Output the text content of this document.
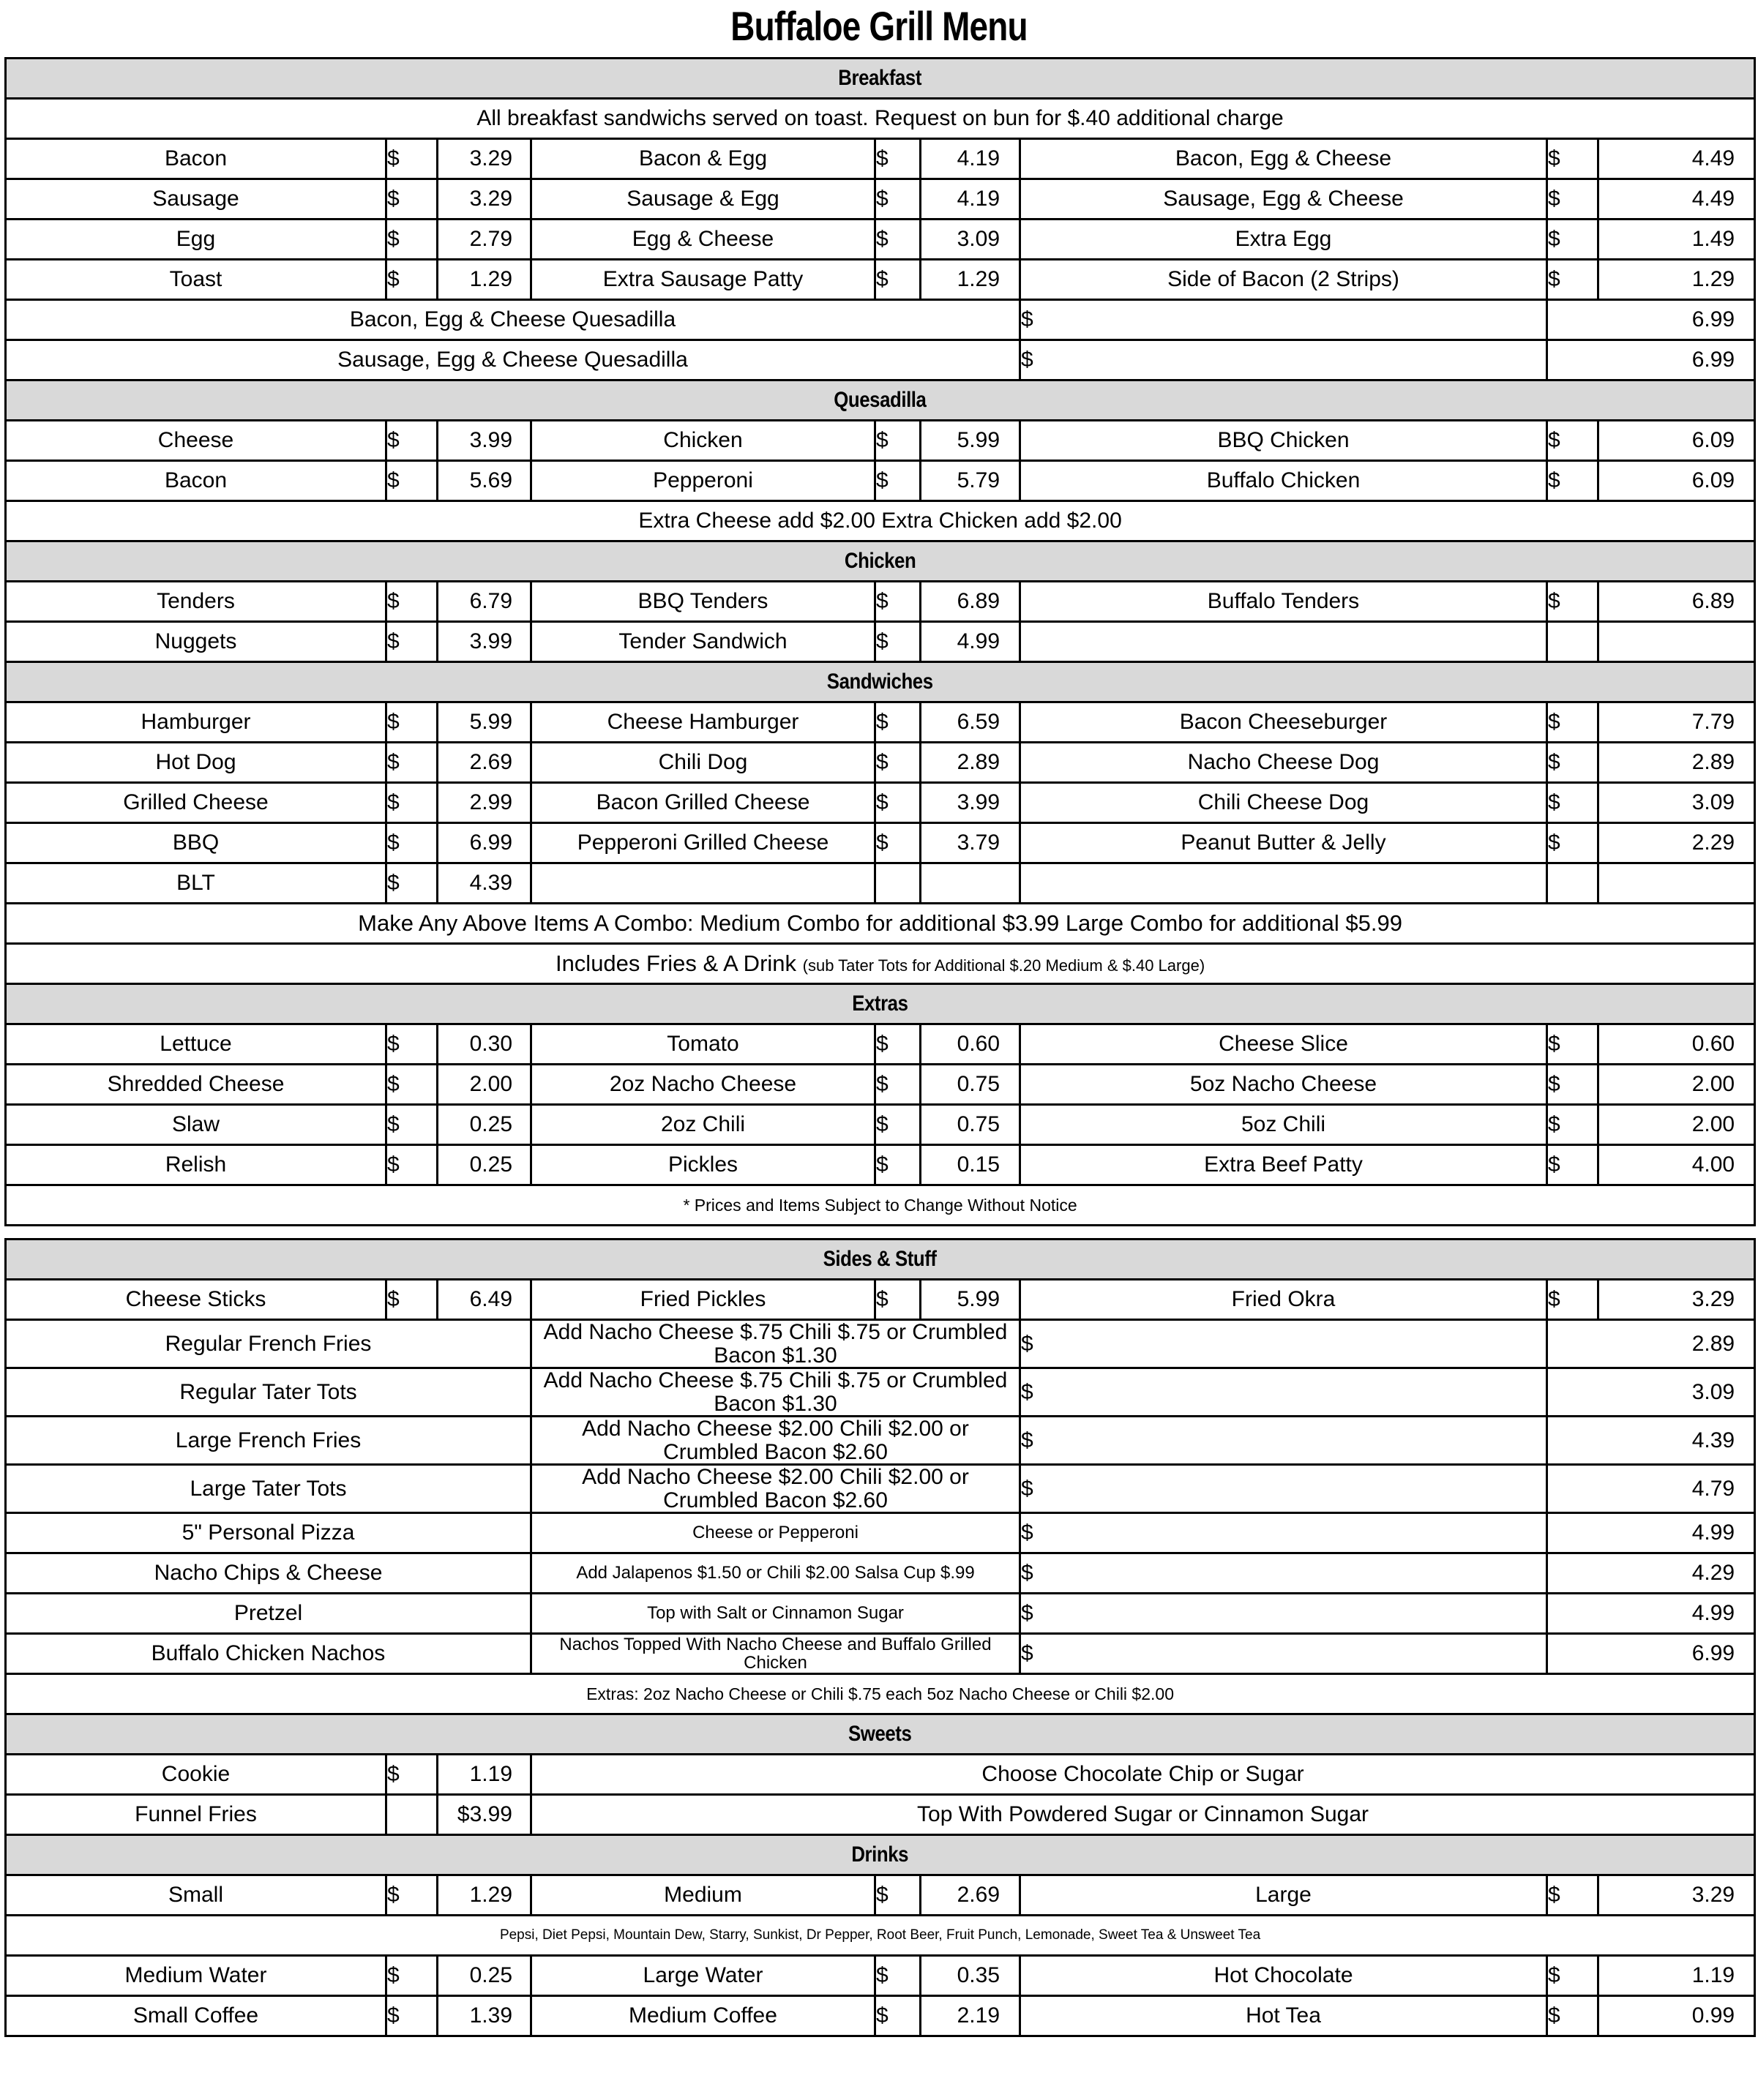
Buffaloe Grill Menu
Breakfast								
All breakfast sandwichs served on toast. Request on bun for $.40 additional charge								
Bacon	$	3.29	Bacon & Egg	$	4.19	Bacon, Egg & Cheese	$	4.49
Sausage	$	3.29	Sausage & Egg	$	4.19	Sausage, Egg & Cheese	$	4.49
Egg	$	2.79	Egg & Cheese	$	3.09	Extra Egg	$	1.49
Toast	$	1.29	Extra Sausage Patty	$	1.29	Side of Bacon (2 Strips)	$	1.29
Bacon, Egg & Cheese Quesadilla						$	6.99	
Sausage, Egg & Cheese Quesadilla						$	6.99	
Quesadilla								
Cheese	$	3.99	Chicken	$	5.99	BBQ Chicken	$	6.09
Bacon	$	5.69	Pepperoni	$	5.79	Buffalo Chicken	$	6.09
Extra Cheese add $2.00 Extra Chicken add $2.00								
Chicken								
Tenders	$	6.79	BBQ Tenders	$	6.89	Buffalo Tenders	$	6.89
Nuggets	$	3.99	Tender Sandwich	$	4.99			
Sandwiches								
Hamburger	$	5.99	Cheese Hamburger	$	6.59	Bacon Cheeseburger	$	7.79
Hot Dog	$	2.69	Chili Dog	$	2.89	Nacho Cheese Dog	$	2.89
Grilled Cheese	$	2.99	Bacon Grilled Cheese	$	3.99	Chili Cheese Dog	$	3.09
BBQ	$	6.99	Pepperoni Grilled Cheese	$	3.79	Peanut Butter & Jelly	$	2.29
BLT	$	4.39						
Make Any Above Items A Combo: Medium Combo for additional $3.99 Large Combo for additional $5.99								
Includes Fries & A Drink (sub Tater Tots for Additional $.20 Medium & $.40 Large)								
Extras								
Lettuce	$	0.30	Tomato	$	0.60	Cheese Slice	$	0.60
Shredded Cheese	$	2.00	2oz Nacho Cheese	$	0.75	5oz Nacho Cheese	$	2.00
Slaw	$	0.25	2oz Chili	$	0.75	5oz Chili	$	2.00
Relish	$	0.25	Pickles	$	0.15	Extra Beef Patty	$	4.00
* Prices and Items Subject to Change Without Notice								
Sides & Stuff								
Cheese Sticks	$	6.49	Fried Pickles	$	5.99	Fried Okra	$	3.29
Regular French Fries			Add Nacho Cheese $.75 Chili $.75 or Crumbled Bacon $1.30			$	2.89	
Regular Tater Tots			Add Nacho Cheese $.75 Chili $.75 or Crumbled Bacon $1.30			$	3.09	
Large French Fries			Add Nacho Cheese $2.00 Chili $2.00 or Crumbled Bacon $2.60			$	4.39	
Large Tater Tots			Add Nacho Cheese $2.00 Chili $2.00 or Crumbled Bacon $2.60			$	4.79	
5" Personal Pizza			Cheese or Pepperoni			$	4.99	
Nacho Chips & Cheese			Add Jalapenos $1.50 or Chili $2.00 Salsa Cup $.99			$	4.29	
Pretzel			Top with Salt or Cinnamon Sugar			$	4.99	
Buffalo Chicken Nachos			Nachos Topped With Nacho Cheese and Buffalo Grilled Chicken			$	6.99	
Extras: 2oz Nacho Cheese or Chili $.75 each 5oz Nacho Cheese or Chili $2.00								
Sweets								
Cookie	$	1.19	Choose Chocolate Chip or Sugar					
Funnel Fries		$3.99	Top With Powdered Sugar or Cinnamon Sugar					
Drinks								
Small	$	1.29	Medium	$	2.69	Large	$	3.29
Pepsi, Diet Pepsi, Mountain Dew, Starry, Sunkist, Dr Pepper, Root Beer, Fruit Punch, Lemonade, Sweet Tea & Unsweet Tea								
Medium Water	$	0.25	Large Water	$	0.35	Hot Chocolate	$	1.19
Small Coffee	$	1.39	Medium Coffee	$	2.19	Hot Tea	$	0.99
